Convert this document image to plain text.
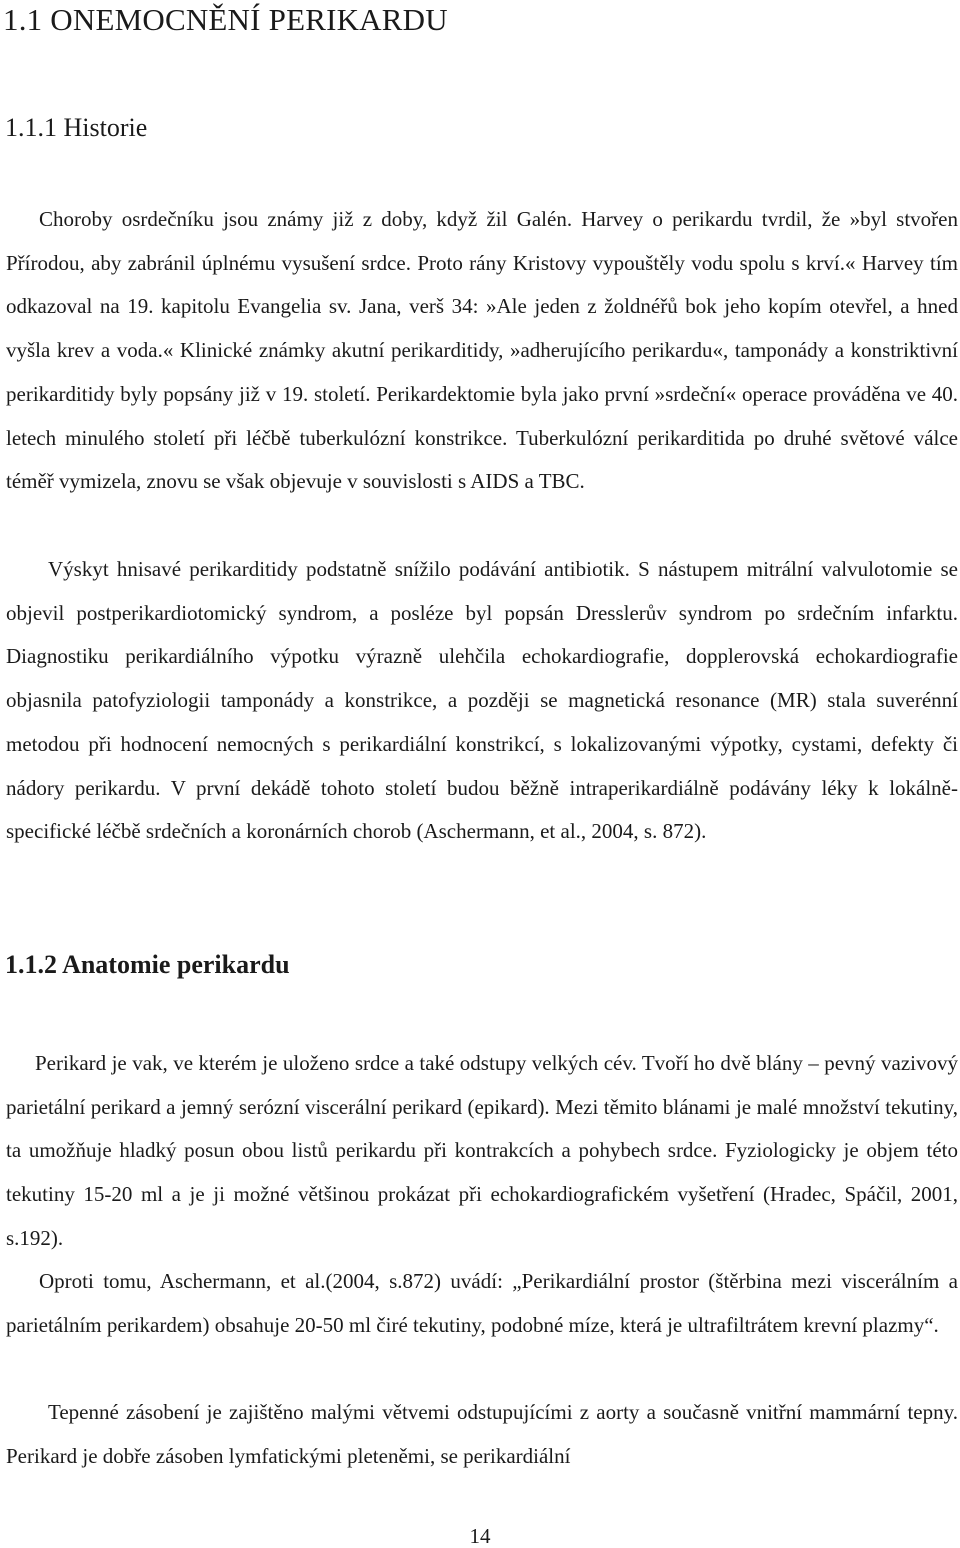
1.1 ONEMOCNĚNÍ PERIKARDU
1.1.1 Historie

Choroby osrdečníku jsou známy již z doby, když žil Galén. Harvey o perikardu tvrdil, že »byl stvořen Přírodou, aby zabránil úplnému vysušení srdce. Proto rány Kristovy vypouštěly vodu spolu s krví.« Harvey tím odkazoval na 19. kapitolu Evangelia sv. Jana, verš 34: »Ale jeden z žoldnéřů bok jeho kopím otevřel, a hned vyšla krev a voda.« Klinické známky akutní perikarditidy, »adherujícího perikardu«, tamponády a konstriktivní perikarditidy byly popsány již v 19. století. Perikardektomie byla jako první »srdeční« operace prováděna ve 40. letech minulého století při léčbě tuberkulózní konstrikce. Tuberkulózní perikarditida po druhé světové válce téměř vymizela, znovu se však objevuje v souvislosti s AIDS a TBC.

Výskyt hnisavé perikarditidy podstatně snížilo podávání antibiotik. S nástupem mitrální valvulotomie se objevil postperikardiotomický syndrom, a posléze byl popsán Dresslerův syndrom po srdečním infarktu. Diagnostiku perikardiálního výpotku výrazně ulehčila echokardiografie, dopplerovská echokardiografie objasnila patofyziologii tamponády a konstrikce, a později se magnetická resonance (MR) stala suverénní metodou při hodnocení nemocných s perikardiální konstrikcí, s lokalizovanými výpotky, cystami, defekty či nádory perikardu. V první dekádě tohoto století budou běžně intraperikardiálně podávány léky k lokálně-specifické léčbě srdečních a koronárních chorob (Aschermann, et al., 2004, s. 872).

1.1.2 Anatomie perikardu

Perikard je vak, ve kterém je uloženo srdce a také odstupy velkých cév. Tvoří ho dvě blány – pevný vazivový parietální perikard a jemný serózní viscerální perikard (epikard). Mezi těmito blánami je malé množství tekutiny, ta umožňuje hladký posun obou listů perikardu při kontrakcích a pohybech srdce. Fyziologicky je objem této tekutiny 15-20 ml a je ji možné většinou prokázat při echokardiografickém vyšetření (Hradec, Spáčil, 2001, s.192).

Oproti tomu, Aschermann, et al.(2004, s.872) uvádí: „Perikardiální prostor (štěrbina mezi viscerálním a parietálním perikardem) obsahuje 20-50 ml čiré tekutiny, podobné míze, která je ultrafiltrátem krevní plazmy“.

Tepenné zásobení je zajištěno malými větvemi odstupujícími z aorty a současně vnitřní mammární tepny. Perikard je dobře zásoben lymfatickými pleteněmi, se perikardiální

14
